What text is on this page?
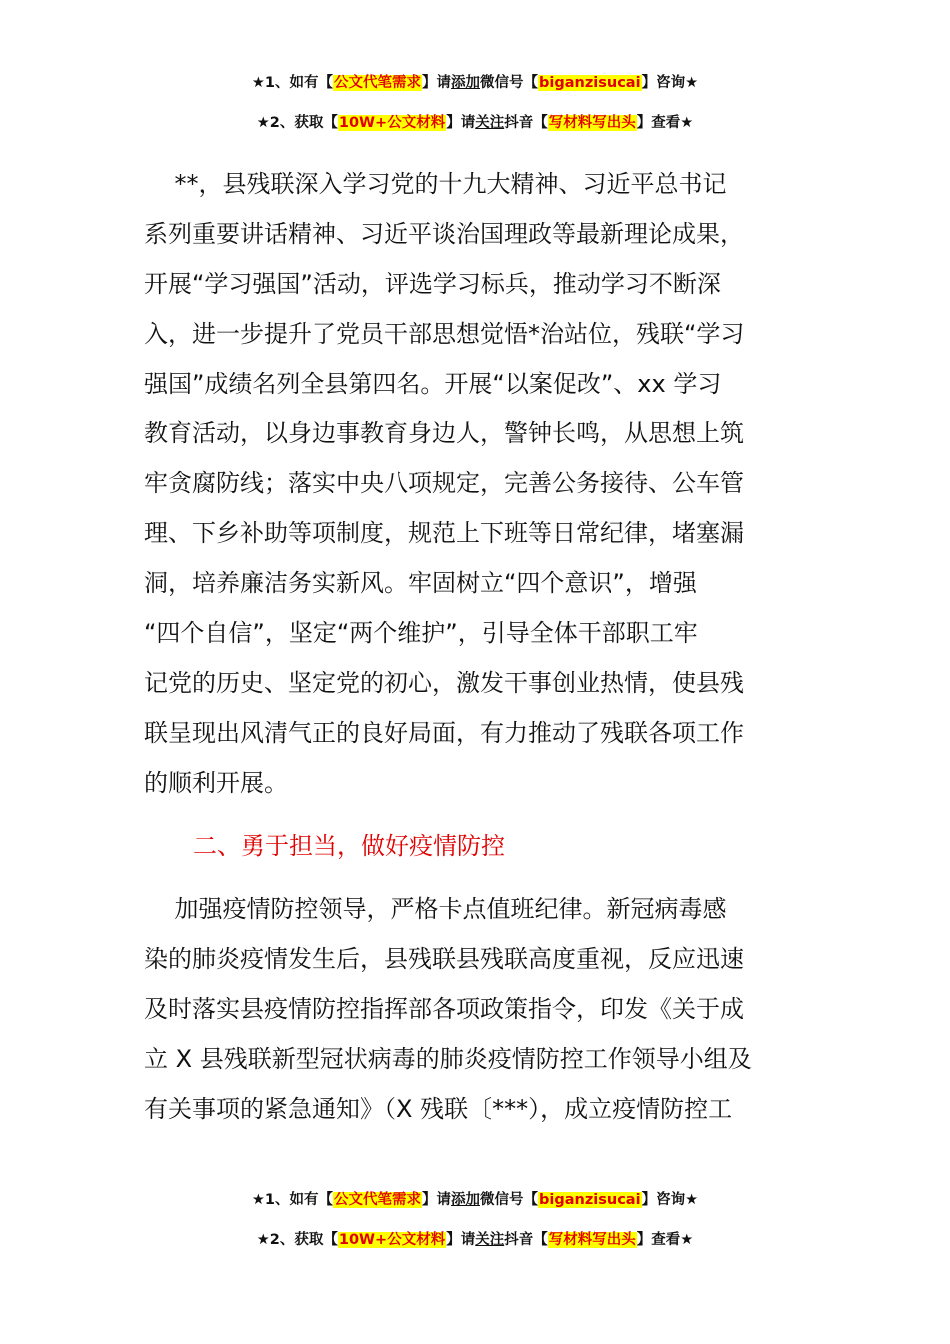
★1、如有【公文代笔需求】请添加微信号【biganzisucai】咨询★
★2、获取【10W+公文材料】请关注抖音【写材料写出头】查看★
**，县残联深入学习党的十九大精神、习近平总书记
系列重要讲话精神、习近平谈治国理政等最新理论成果，
开展“学习强国”活动，评选学习标兵，推动学习不断深
入，进一步提升了党员干部思想觉悟*治站位，残联“学习
强国”成绩名列全县第四名。开展“以案促改”、xx 学习
教育活动，以身边事教育身边人，警钟长鸣，从思想上筑
牢贪腐防线；落实中央八项规定，完善公务接待、公车管
理、下乡补助等项制度，规范上下班等日常纪律，堵塞漏
洞，培养廉洁务实新风。牢固树立“四个意识”，增强
“四个自信”，坚定“两个维护”，引导全体干部职工牢
记党的历史、坚定党的初心，激发干事创业热情，使县残
联呈现出风清气正的良好局面，有力推动了残联各项工作
的顺利开展。
二、勇于担当，做好疫情防控
加强疫情防控领导，严格卡点值班纪律。新冠病毒感
染的肺炎疫情发生后，县残联县残联高度重视，反应迅速
及时落实县疫情防控指挥部各项政策指令，印发《关于成
立 X 县残联新型冠状病毒的肺炎疫情防控工作领导小组及
有关事项的紧急通知》（X 残联〔***），成立疫情防控工
★1、如有【公文代笔需求】请添加微信号【biganzisucai】咨询★
★2、获取【10W+公文材料】请关注抖音【写材料写出头】查看★
